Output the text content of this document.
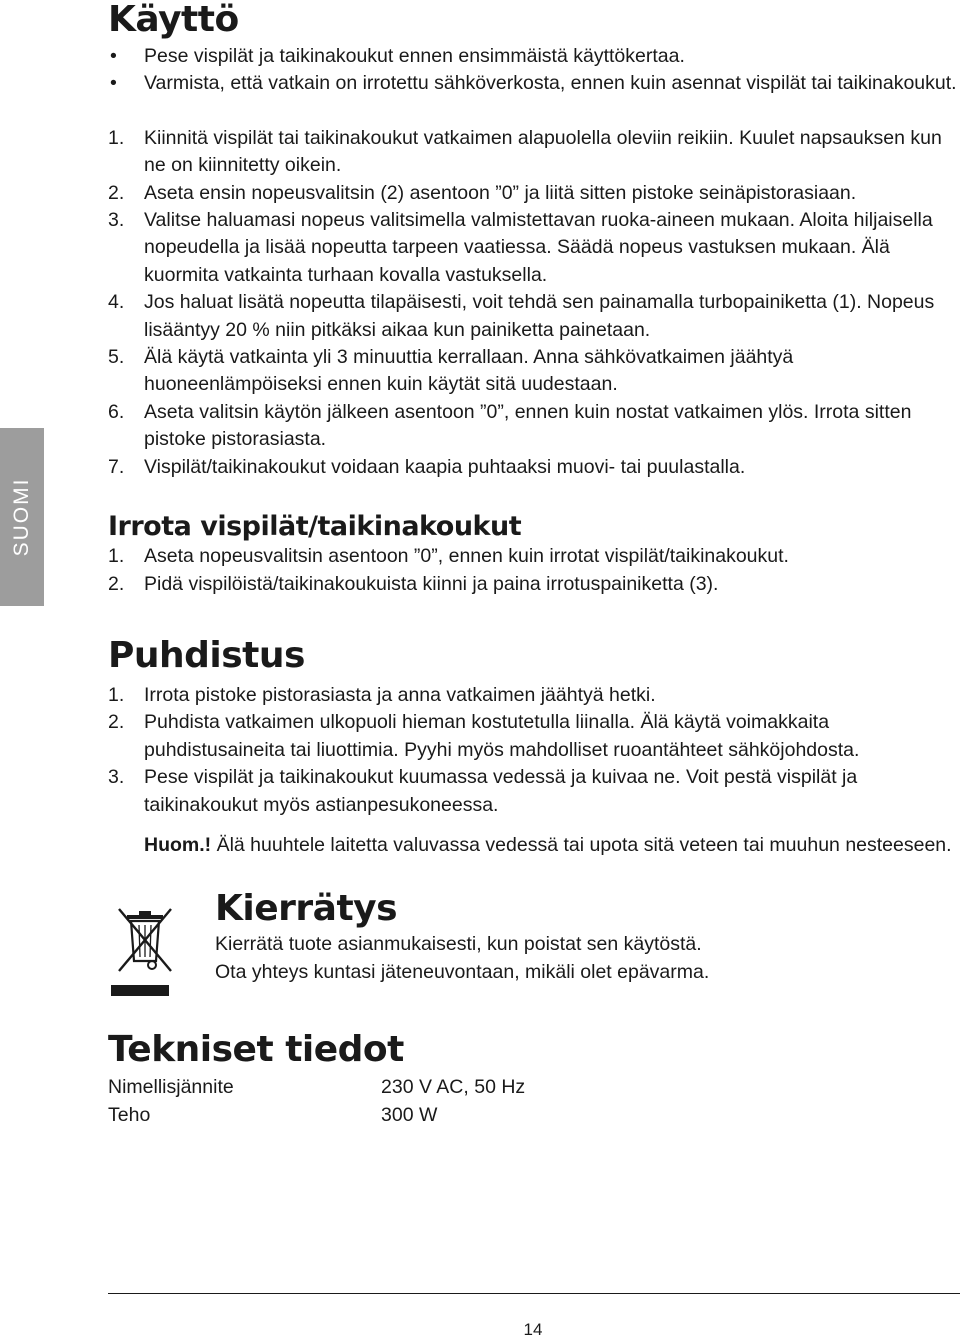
SUOMI
Käyttö
• Pese vispilät ja taikinakoukut ennen ensimmäistä käyttökertaa.
• Varmista, että vatkain on irrotettu sähköverkosta, ennen kuin asennat vispilät tai taikinakoukut.
1. Kiinnitä vispilät tai taikinakoukut vatkaimen alapuolella oleviin reikiin. Kuulet napsauksen kun ne on kiinnitetty oikein.
2. Aseta ensin nopeusvalitsin (2) asentoon ”0” ja liitä sitten pistoke seinäpistorasiaan.
3. Valitse haluamasi nopeus valitsimella valmistettavan ruoka-aineen mukaan. Aloita hiljaisella nopeudella ja lisää nopeutta tarpeen vaatiessa. Säädä nopeus vastuksen mukaan. Älä kuormita vatkainta turhaan kovalla vastuksella.
4. Jos haluat lisätä nopeutta tilapäisesti, voit tehdä sen painamalla turbopainiketta (1). Nopeus lisääntyy 20 % niin pitkäksi aikaa kun painiketta painetaan.
5. Älä käytä vatkainta yli 3 minuuttia kerrallaan. Anna sähkövatkaimen jäähtyä huoneenlämpöiseksi ennen kuin käytät sitä uudestaan.
6. Aseta valitsin käytön jälkeen asentoon ”0”, ennen kuin nostat vatkaimen ylös. Irrota sitten pistoke pistorasiasta.
7. Vispilät/taikinakoukut voidaan kaapia puhtaaksi muovi- tai puulastalla.
Irrota vispilät/taikinakoukut
1. Aseta nopeusvalitsin asentoon ”0”, ennen kuin irrotat vispilät/taikinakoukut.
2. Pidä vispilöistä/taikinakoukuista kiinni ja paina irrotuspainiketta (3).
Puhdistus
1. Irrota pistoke pistorasiasta ja anna vatkaimen jäähtyä hetki.
2. Puhdista vatkaimen ulkopuoli hieman kostutetulla liinalla. Älä käytä voimakkaita puhdistusaineita tai liuottimia. Pyyhi myös mahdolliset ruoantähteet sähköjohdosta.
3. Pese vispilät ja taikinakoukut kuumassa vedessä ja kuivaa ne. Voit pestä vispilät ja taikinakoukut myös astianpesukoneessa.

Huom.! Älä huuhtele laitetta valuvassa vedessä tai upota sitä veteen tai muuhun nesteeseen.

Kierrätys

Kierrätä tuote asianmukaisesti, kun poistat sen käytöstä.

Ota yhteys kuntasi jäteneuvontaan, mikäli olet epävarma.

Tekniset tiedot
Nimellisjännite	230 V AC, 50 Hz
Teho	300 W
14
